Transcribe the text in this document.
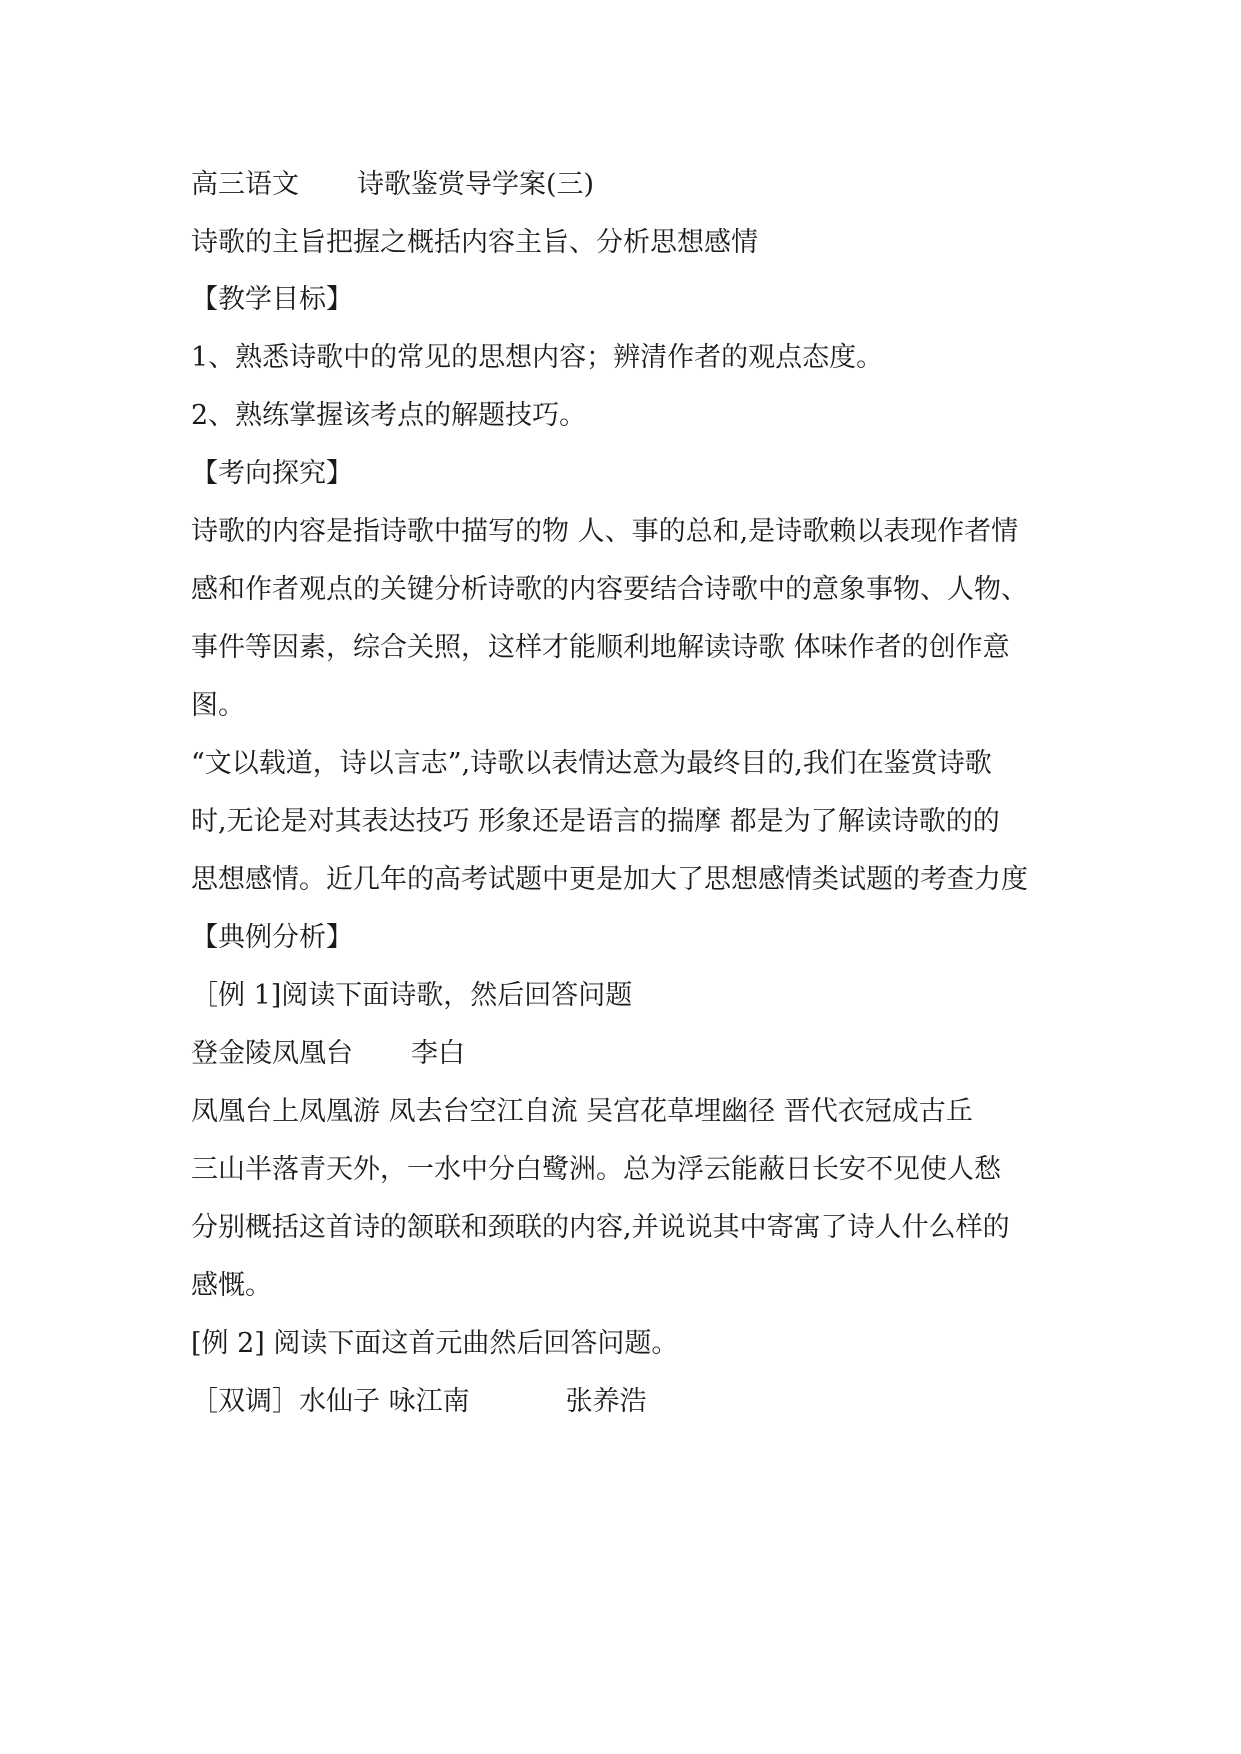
高三语文 诗歌鉴赏导学案(三)

诗歌的主旨把握之概括内容主旨、分析思想感情

【教学目标】

1、熟悉诗歌中的常见的思想内容；辨清作者的观点态度。

2、熟练掌握该考点的解题技巧。

【考向探究】

诗歌的内容是指诗歌中描写的物 人、事的总和,是诗歌赖以表现作者情

感和作者观点的关键分析诗歌的内容要结合诗歌中的意象事物、人物、

事件等因素，综合关照，这样才能顺利地解读诗歌 体味作者的创作意

图。

“文以载道，诗以言志”,诗歌以表情达意为最终目的,我们在鉴赏诗歌

时,无论是对其表达技巧 形象还是语言的揣摩 都是为了解读诗歌的的

思想感情。近几年的高考试题中更是加大了思想感情类试题的考查力度

【典例分析】

［例 1]阅读下面诗歌，然后回答问题

登金陵凤凰台 李白

凤凰台上凤凰游 凤去台空江自流 吴宫花草埋幽径 晋代衣冠成古丘

三山半落青天外，一水中分白鹭洲。总为浮云能蔽日长安不见使人愁

分别概括这首诗的颔联和颈联的内容,并说说其中寄寓了诗人什么样的

感慨。

[例 2] 阅读下面这首元曲然后回答问题。

［双调］水仙子 咏江南	张养浩
